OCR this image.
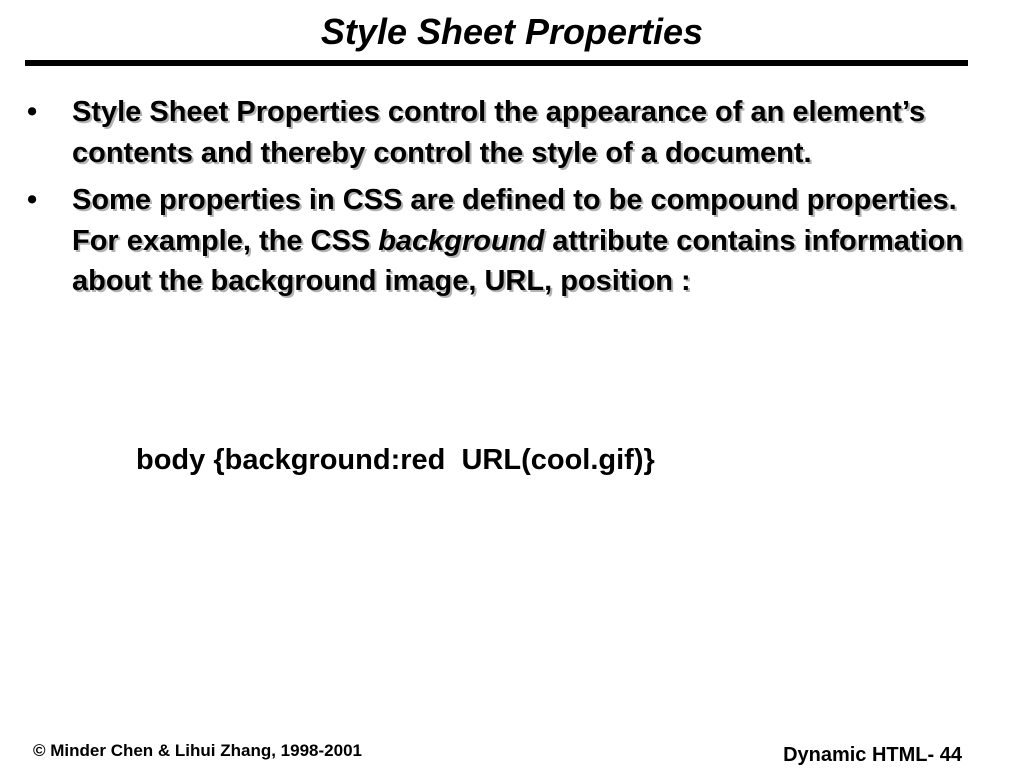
Style Sheet Properties
•	Style Sheet Properties control the appearance of an element’s contents and thereby control the style of a document.
•	Some properties in CSS are defined to be compound properties. For example, the CSS background attribute contains information about the background image, URL, position :
body {background:red  URL(cool.gif)}
© Minder Chen & Lihui Zhang, 1998-2001	Dynamic HTML- 44
